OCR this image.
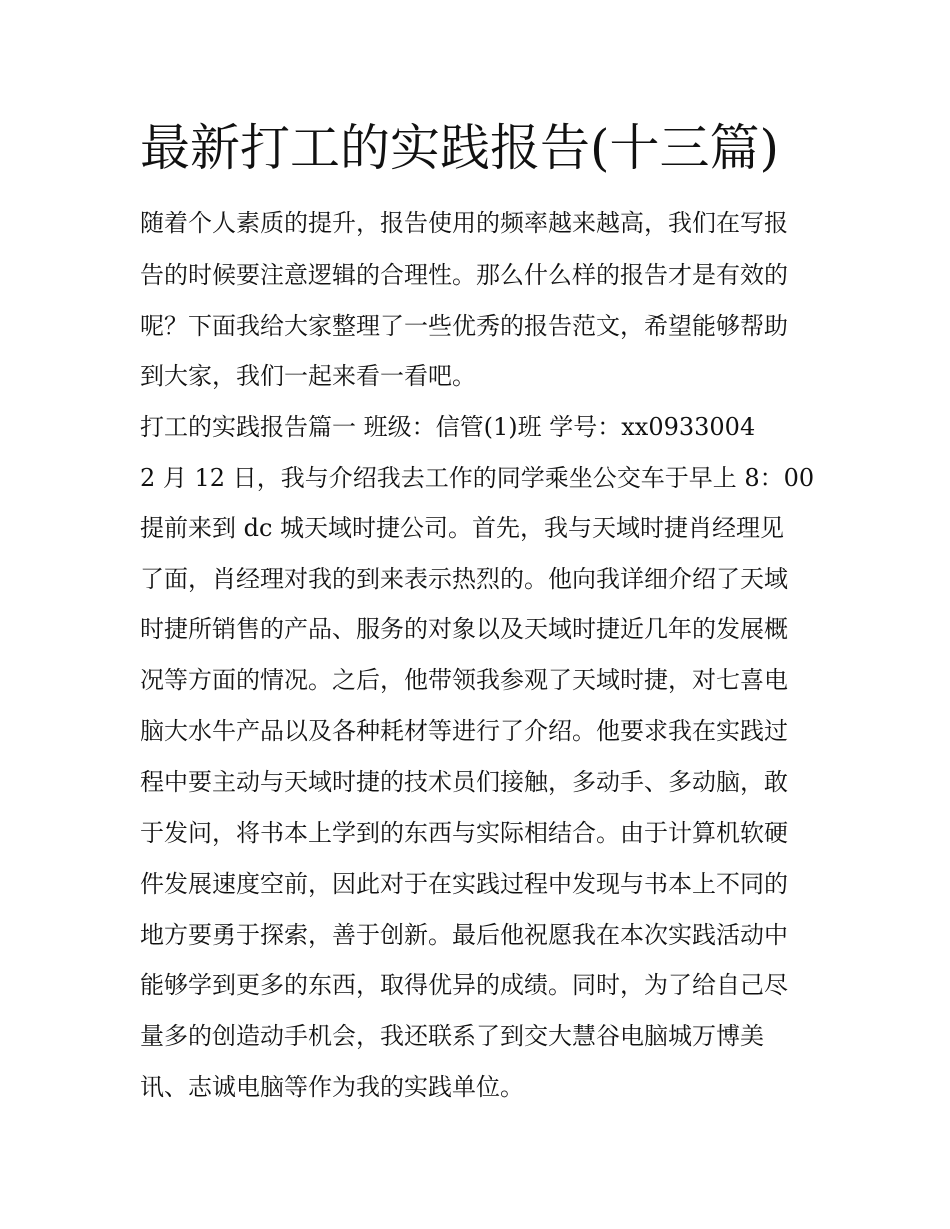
最新打工的实践报告(十三篇)

随着个人素质的提升，报告使用的频率越来越高，我们在写报

告的时候要注意逻辑的合理性。那么什么样的报告才是有效的

呢？下面我给大家整理了一些优秀的报告范文，希望能够帮助

到大家，我们一起来看一看吧。

打工的实践报告篇一 班级：信管(1)班 学号：xx0933004

2 月 12 日，我与介绍我去工作的同学乘坐公交车于早上 8：00

提前来到 dc 城天域时捷公司。首先，我与天域时捷肖经理见

了面，肖经理对我的到来表示热烈的。他向我详细介绍了天域

时捷所销售的产品、服务的对象以及天域时捷近几年的发展概

况等方面的情况。之后，他带领我参观了天域时捷，对七喜电

脑大水牛产品以及各种耗材等进行了介绍。他要求我在实践过

程中要主动与天域时捷的技术员们接触，多动手、多动脑，敢

于发问，将书本上学到的东西与实际相结合。由于计算机软硬

件发展速度空前，因此对于在实践过程中发现与书本上不同的

地方要勇于探索，善于创新。最后他祝愿我在本次实践活动中

能够学到更多的东西，取得优异的成绩。同时，为了给自己尽

量多的创造动手机会，我还联系了到交大慧谷电脑城万博美

讯、志诚电脑等作为我的实践单位。
